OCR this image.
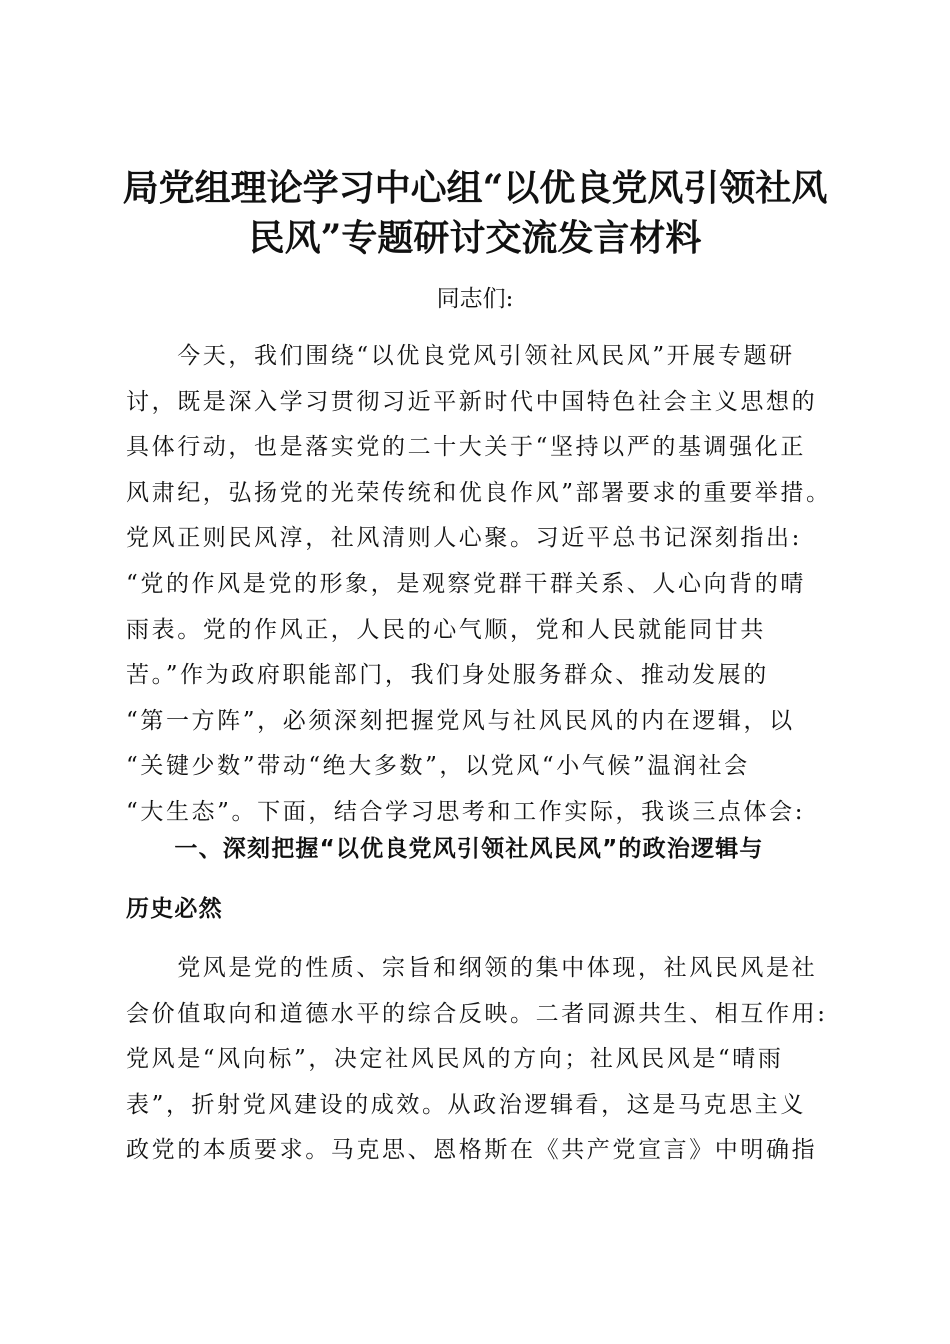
局党组理论学习中心组“以优良党风引领社风
民风”专题研讨交流发言材料

同志们:

　　今天，我们围绕“以优良党风引领社风民风”开展专题研
讨，既是深入学习贯彻习近平新时代中国特色社会主义思想的
具体行动，也是落实党的二十大关于“坚持以严的基调强化正
风肃纪，弘扬党的光荣传统和优良作风”部署要求的重要举措。
党风正则民风淳，社风清则人心聚。习近平总书记深刻指出:
“党的作风是党的形象，是观察党群干群关系、人心向背的晴
雨表。党的作风正，人民的心气顺，党和人民就能同甘共
苦。”作为政府职能部门，我们身处服务群众、推动发展的
“第一方阵”，必须深刻把握党风与社风民风的内在逻辑，以
“关键少数”带动“绝大多数”，以党风“小气候”温润社会
“大生态”。下面，结合学习思考和工作实际，我谈三点体会:

　　一、深刻把握“以优良党风引领社风民风”的政治逻辑与
历史必然

　　党风是党的性质、宗旨和纲领的集中体现，社风民风是社
会价值取向和道德水平的综合反映。二者同源共生、相互作用:
党风是“风向标”，决定社风民风的方向；社风民风是“晴雨
表”，折射党风建设的成效。从政治逻辑看，这是马克思主义
政党的本质要求。马克思、恩格斯在《共产党宣言》中明确指
